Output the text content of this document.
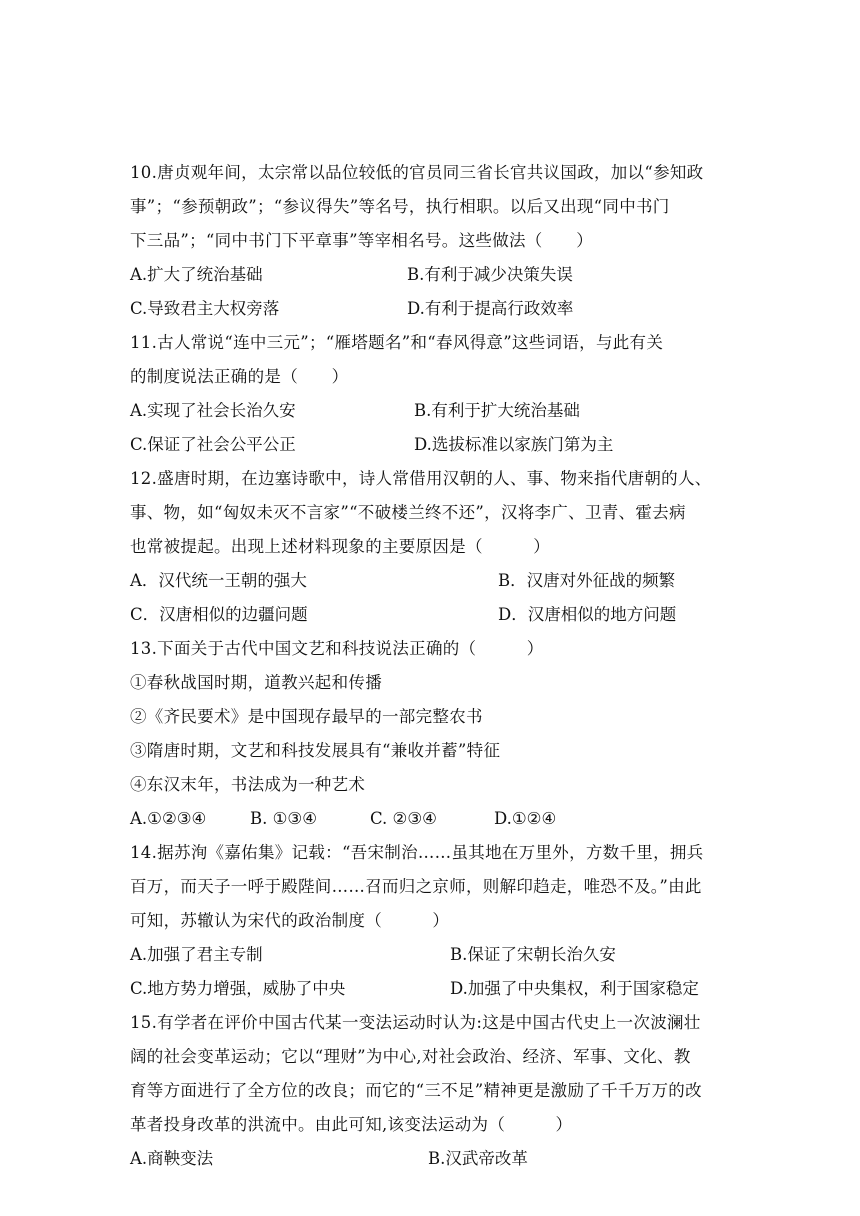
10.唐贞观年间，太宗常以品位较低的官员同三省长官共议国政，加以“参知政
事”；“参预朝政”；“参议得失”等名号，执行相职。以后又出现“同中书门
下三品”；“同中书门下平章事”等宰相名号。这些做法（　　）
A.扩大了统治基础	B.有利于减少决策失误
C.导致君主大权旁落	D.有利于提高行政效率
11.古人常说“连中三元”；“雁塔题名”和“春风得意”这些词语，与此有关
的制度说法正确的是（　　）
A.实现了社会长治久安	B.有利于扩大统治基础
C.保证了社会公平公正	D.选拔标准以家族门第为主
12.盛唐时期，在边塞诗歌中，诗人常借用汉朝的人、事、物来指代唐朝的人、
事、物，如“匈奴未灭不言家”“不破楼兰终不还”，汉将李广、卫青、霍去病
也常被提起。出现上述材料现象的主要原因是（　　　）
A．汉代统一王朝的强大	B．汉唐对外征战的频繁
C．汉唐相似的边疆问题	D．汉唐相似的地方问题
13.下面关于古代中国文艺和科技说法正确的（　　　）
①春秋战国时期，道教兴起和传播
②《齐民要术》是中国现存最早的一部完整农书
③隋唐时期，文艺和科技发展具有“兼收并蓄”特征
④东汉末年，书法成为一种艺术
A.①②③④	B. ①③④	C. ②③④	D.①②④
14.据苏洵《嘉佑集》记载：“吾宋制治……虽其地在万里外，方数千里，拥兵
百万，而天子一呼于殿陛间……召而归之京师，则解印趋走，唯恐不及。”由此
可知，苏辙认为宋代的政治制度（　　　）
A.加强了君主专制	B.保证了宋朝长治久安
C.地方势力增强，威胁了中央	D.加强了中央集权，利于国家稳定
15.有学者在评价中国古代某一变法运动时认为:这是中国古代史上一次波澜壮
阔的社会变革运动；它以“理财”为中心,对社会政治、经济、军事、文化、教
育等方面进行了全方位的改良；而它的“三不足”精神更是激励了千千万万的改
革者投身改革的洪流中。由此可知,该变法运动为（　　　）
A.商鞅变法	B.汉武帝改革
